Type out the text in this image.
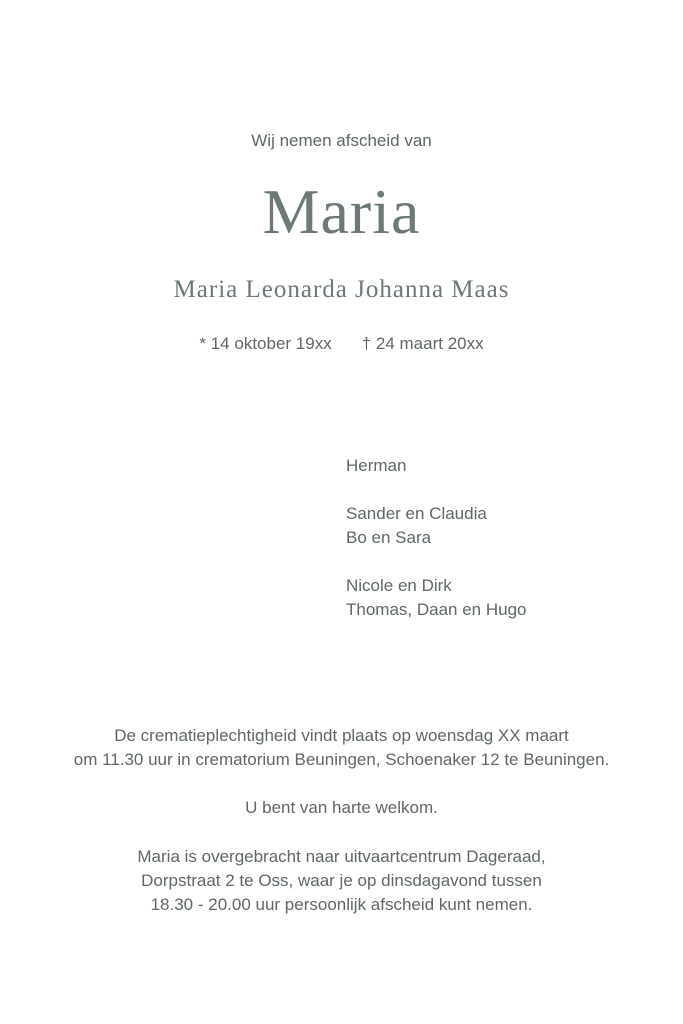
Wij nemen afscheid van
Maria
Maria Leonarda Johanna Maas
* 14 oktober 19xx † 24 maart 20xx
Herman
Sander en Claudia
Bo en Sara
Nicole en Dirk
Thomas, Daan en Hugo
De crematieplechtigheid vindt plaats op woensdag XX maart
om 11.30 uur in crematorium Beuningen, Schoenaker 12 te Beuningen.
U bent van harte welkom.
Maria is overgebracht naar uitvaartcentrum Dageraad,
Dorpstraat 2 te Oss, waar je op dinsdagavond tussen
18.30 - 20.00 uur persoonlijk afscheid kunt nemen.
